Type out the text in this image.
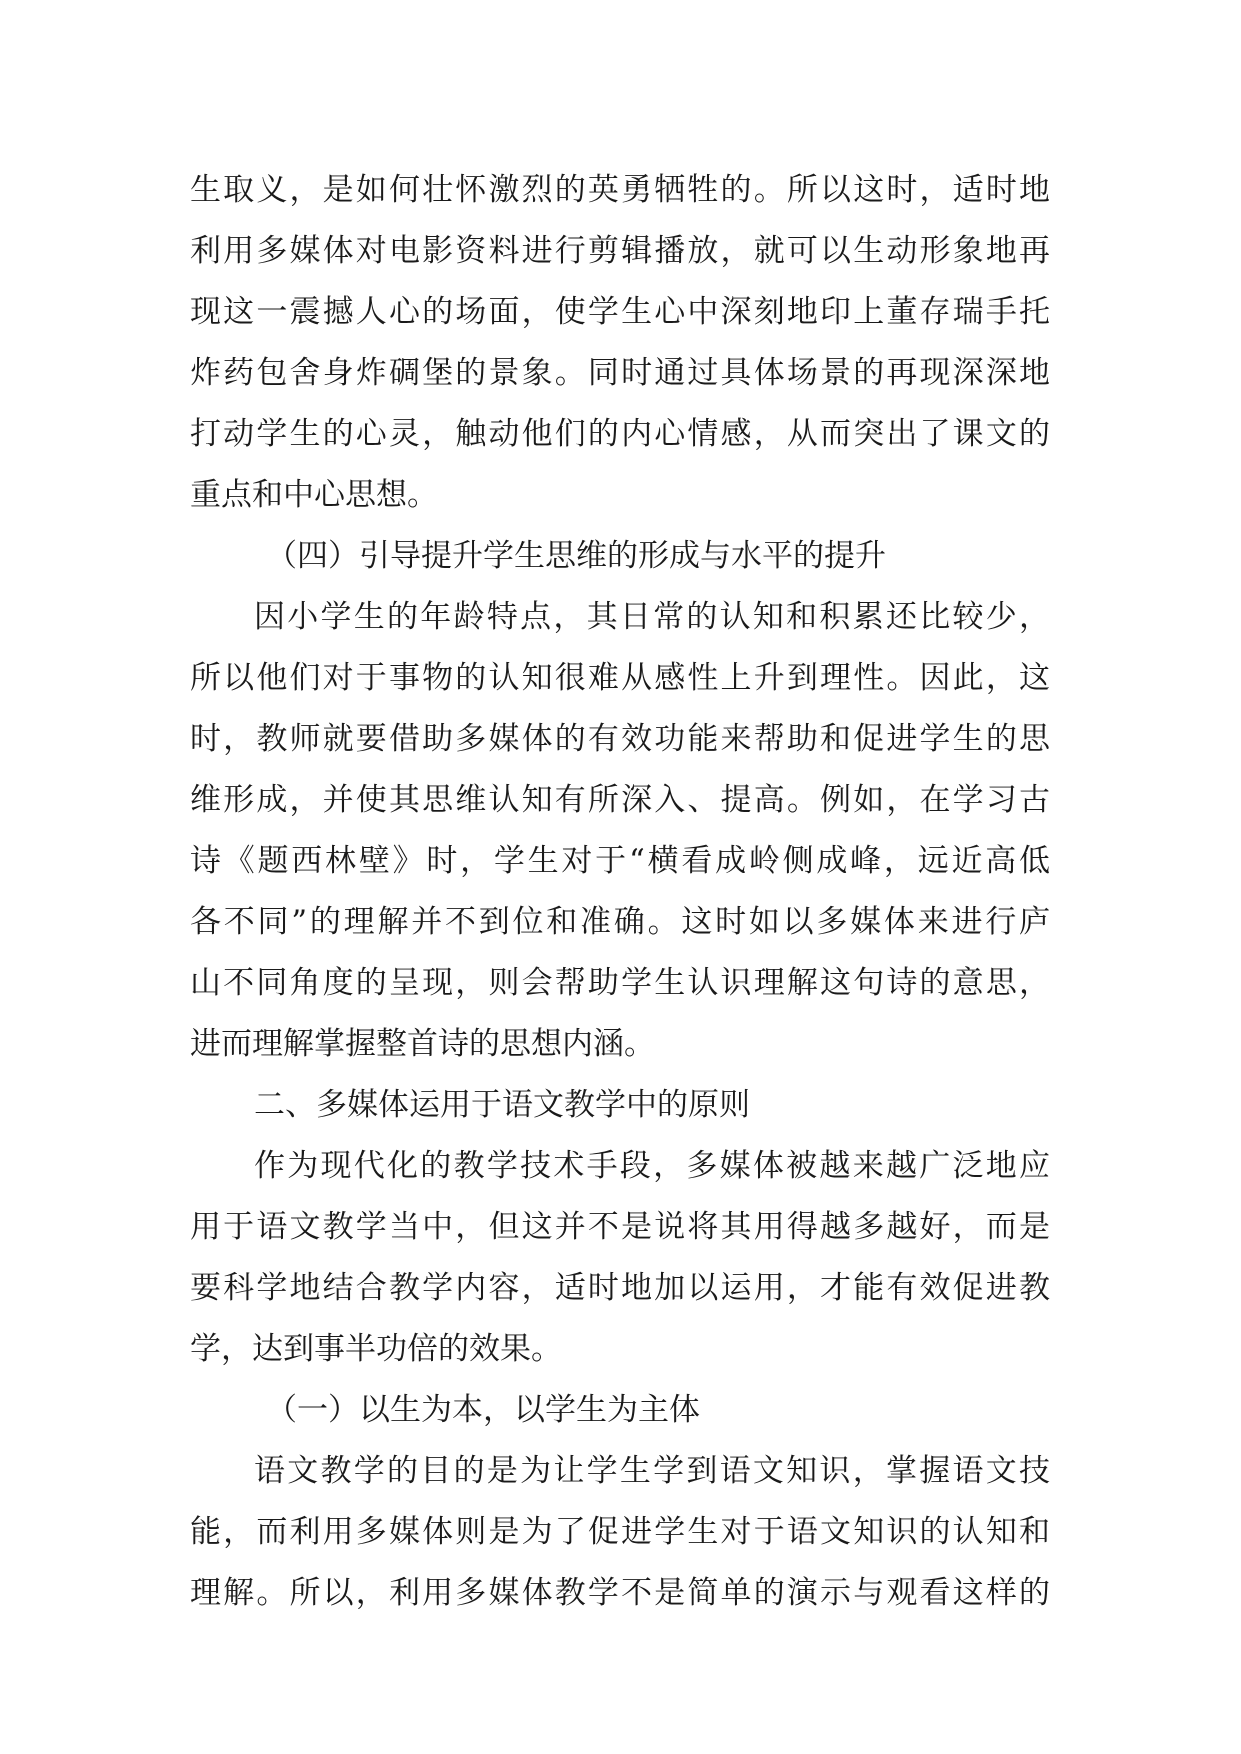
生取义，是如何壮怀激烈的英勇牺牲的。所以这时，适时地
利用多媒体对电影资料进行剪辑播放，就可以生动形象地再
现这一震撼人心的场面，使学生心中深刻地印上董存瑞手托
炸药包舍身炸碉堡的景象。同时通过具体场景的再现深深地
打动学生的心灵，触动他们的内心情感，从而突出了课文的
重点和中心思想。
（四）引导提升学生思维的形成与水平的提升
因小学生的年龄特点，其日常的认知和积累还比较少，
所以他们对于事物的认知很难从感性上升到理性。因此，这
时，教师就要借助多媒体的有效功能来帮助和促进学生的思
维形成，并使其思维认知有所深入、提高。例如，在学习古
诗《题西林壁》时，学生对于“横看成岭侧成峰，远近高低
各不同”的理解并不到位和准确。这时如以多媒体来进行庐
山不同角度的呈现，则会帮助学生认识理解这句诗的意思，
进而理解掌握整首诗的思想内涵。
二、多媒体运用于语文教学中的原则
作为现代化的教学技术手段，多媒体被越来越广泛地应
用于语文教学当中，但这并不是说将其用得越多越好，而是
要科学地结合教学内容，适时地加以运用，才能有效促进教
学，达到事半功倍的效果。
（一）以生为本，以学生为主体
语文教学的目的是为让学生学到语文知识，掌握语文技
能，而利用多媒体则是为了促进学生对于语文知识的认知和
理解。所以，利用多媒体教学不是简单的演示与观看这样的
